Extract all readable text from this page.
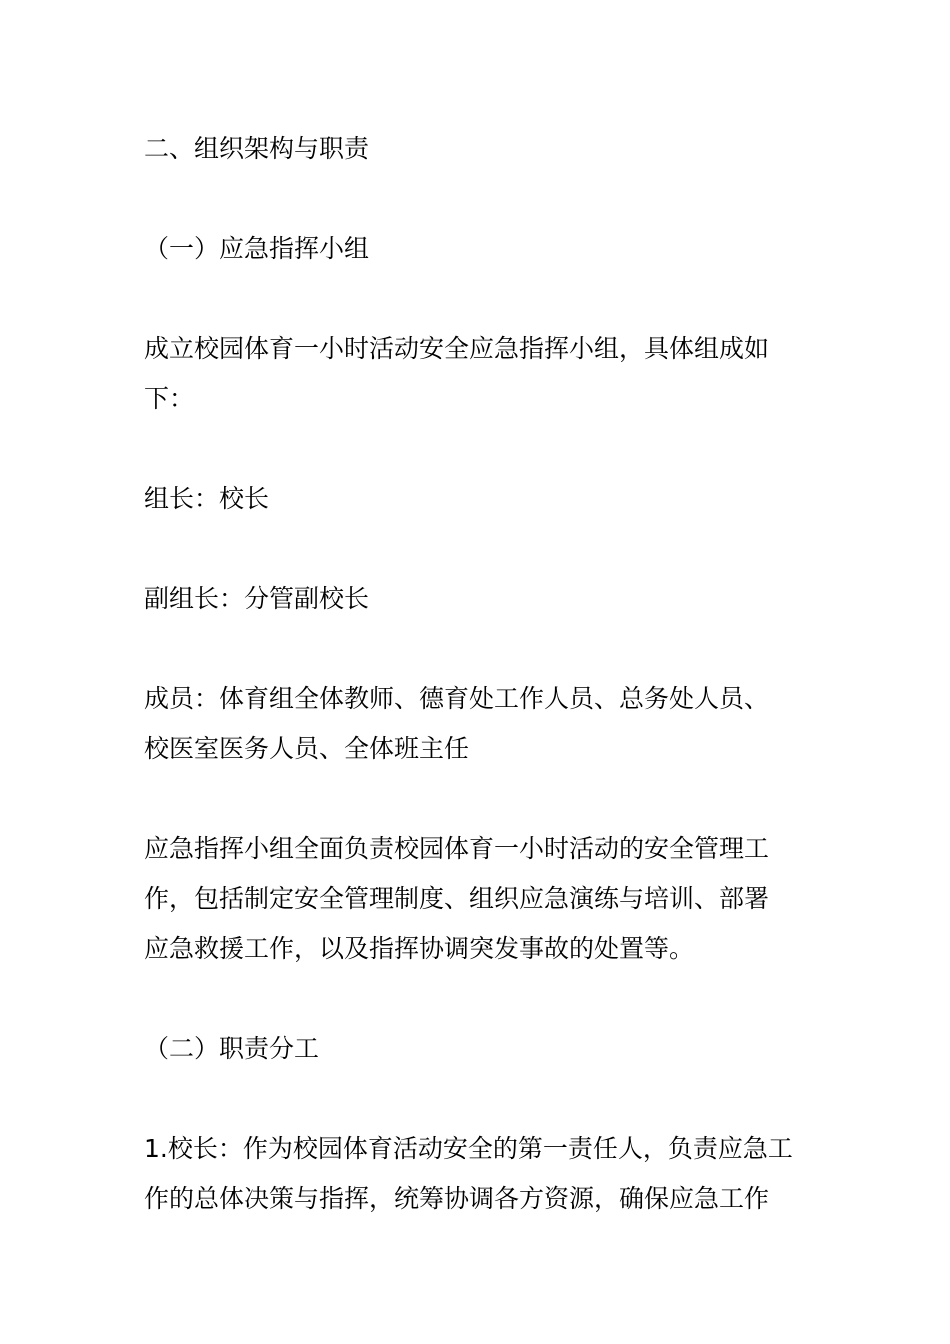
二、组织架构与职责

（一）应急指挥小组

成立校园体育一小时活动安全应急指挥小组，具体组成如
下：

组长：校长

副组长：分管副校长

成员：体育组全体教师、德育处工作人员、总务处人员、
校医室医务人员、全体班主任

应急指挥小组全面负责校园体育一小时活动的安全管理工
作，包括制定安全管理制度、组织应急演练与培训、部署
应急救援工作，以及指挥协调突发事故的处置等。

（二）职责分工

1.校长：作为校园体育活动安全的第一责任人，负责应急工
作的总体决策与指挥，统筹协调各方资源，确保应急工作
